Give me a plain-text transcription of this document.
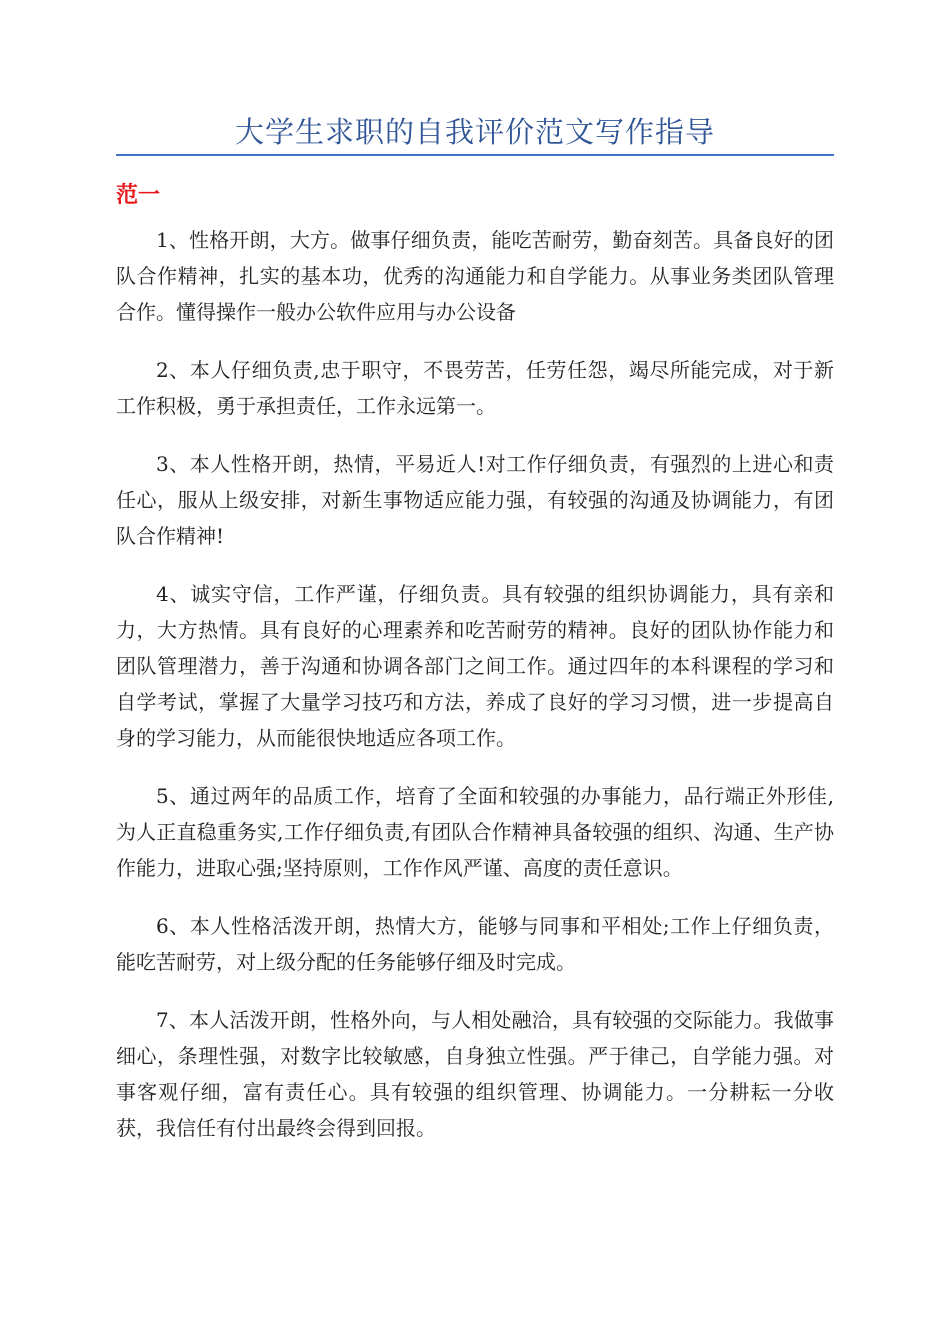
大学生求职的自我评价范文写作指导
范一

1、性格开朗，大方。做事仔细负责，能吃苦耐劳，勤奋刻苦。具备良好的团队合作精神，扎实的基本功，优秀的沟通能力和自学能力。从事业务类团队管理合作。懂得操作一般办公软件应用与办公设备

2、本人仔细负责,忠于职守，不畏劳苦，任劳任怨，竭尽所能完成，对于新工作积极，勇于承担责任，工作永远第一。

3、本人性格开朗，热情，平易近人!对工作仔细负责，有强烈的上进心和责任心，服从上级安排，对新生事物适应能力强，有较强的沟通及协调能力，有团队合作精神!

4、诚实守信，工作严谨，仔细负责。具有较强的组织协调能力，具有亲和力，大方热情。具有良好的心理素养和吃苦耐劳的精神。良好的团队协作能力和团队管理潜力，善于沟通和协调各部门之间工作。通过四年的本科课程的学习和自学考试，掌握了大量学习技巧和方法，养成了良好的学习习惯，进一步提高自身的学习能力，从而能很快地适应各项工作。

5、通过两年的品质工作，培育了全面和较强的办事能力，品行端正外形佳,为人正直稳重务实,工作仔细负责,有团队合作精神具备较强的组织、沟通、生产协作能力，进取心强;坚持原则，工作作风严谨、高度的责任意识。

6、本人性格活泼开朗，热情大方，能够与同事和平相处;工作上仔细负责，能吃苦耐劳，对上级分配的任务能够仔细及时完成。

7、本人活泼开朗，性格外向，与人相处融洽，具有较强的交际能力。我做事细心，条理性强，对数字比较敏感，自身独立性强。严于律己，自学能力强。对事客观仔细，富有责任心。具有较强的组织管理、协调能力。一分耕耘一分收获，我信任有付出最终会得到回报。
